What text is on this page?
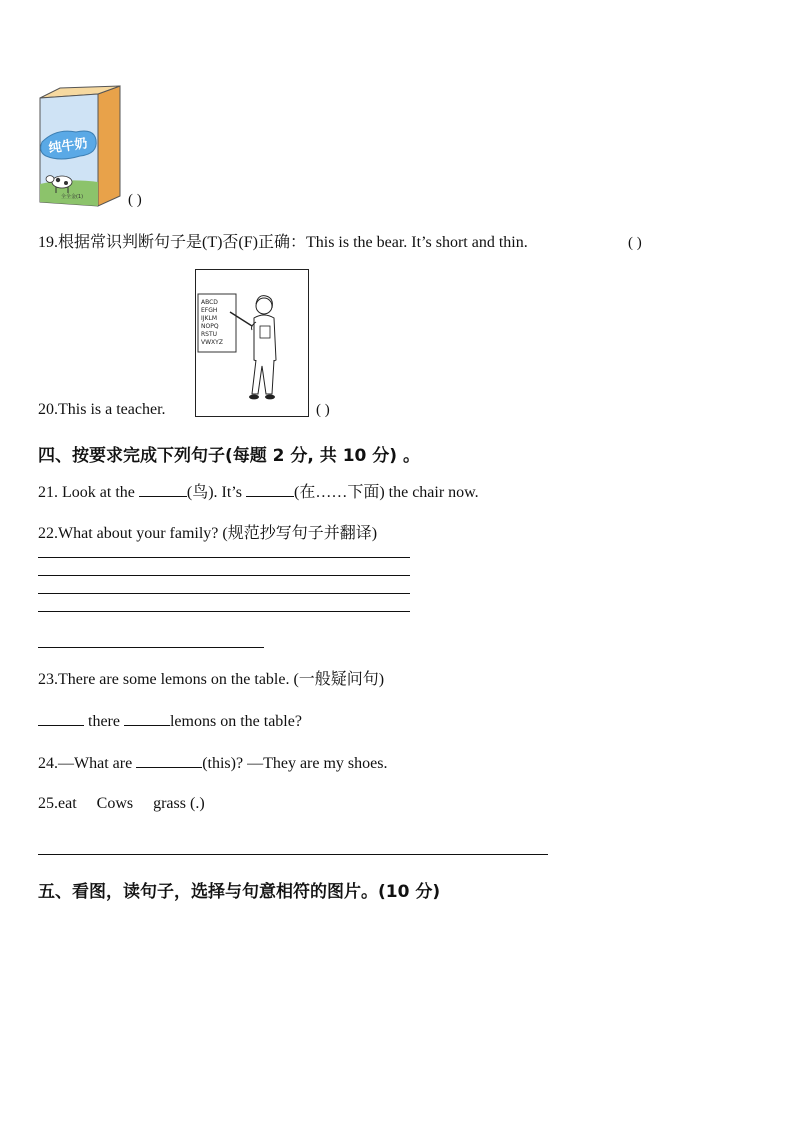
纯牛奶
全全金(1)	( )
19.根据常识判断句子是(T)否(F)正确：This is the bear. It’s short and thin.	( )
20.This is a teacher.
ABCD
EFGH
IJKLM
NOPQ
RSTU
VWXYZ
( )
四、按要求完成下列句子(每题 2 分, 共 10 分) 。
21. Look at the	(鸟). It’s	(在……下面) the chair now.
22.What about your family? (规范抄写句子并翻译)
23.There are some lemons on the table. (一般疑问句)
there	lemons on the table?
24.—What are	(this)? —They are my shoes.
25.eat     Cows     grass (.)
五、看图，读句子，选择与句意相符的图片。(10 分)
